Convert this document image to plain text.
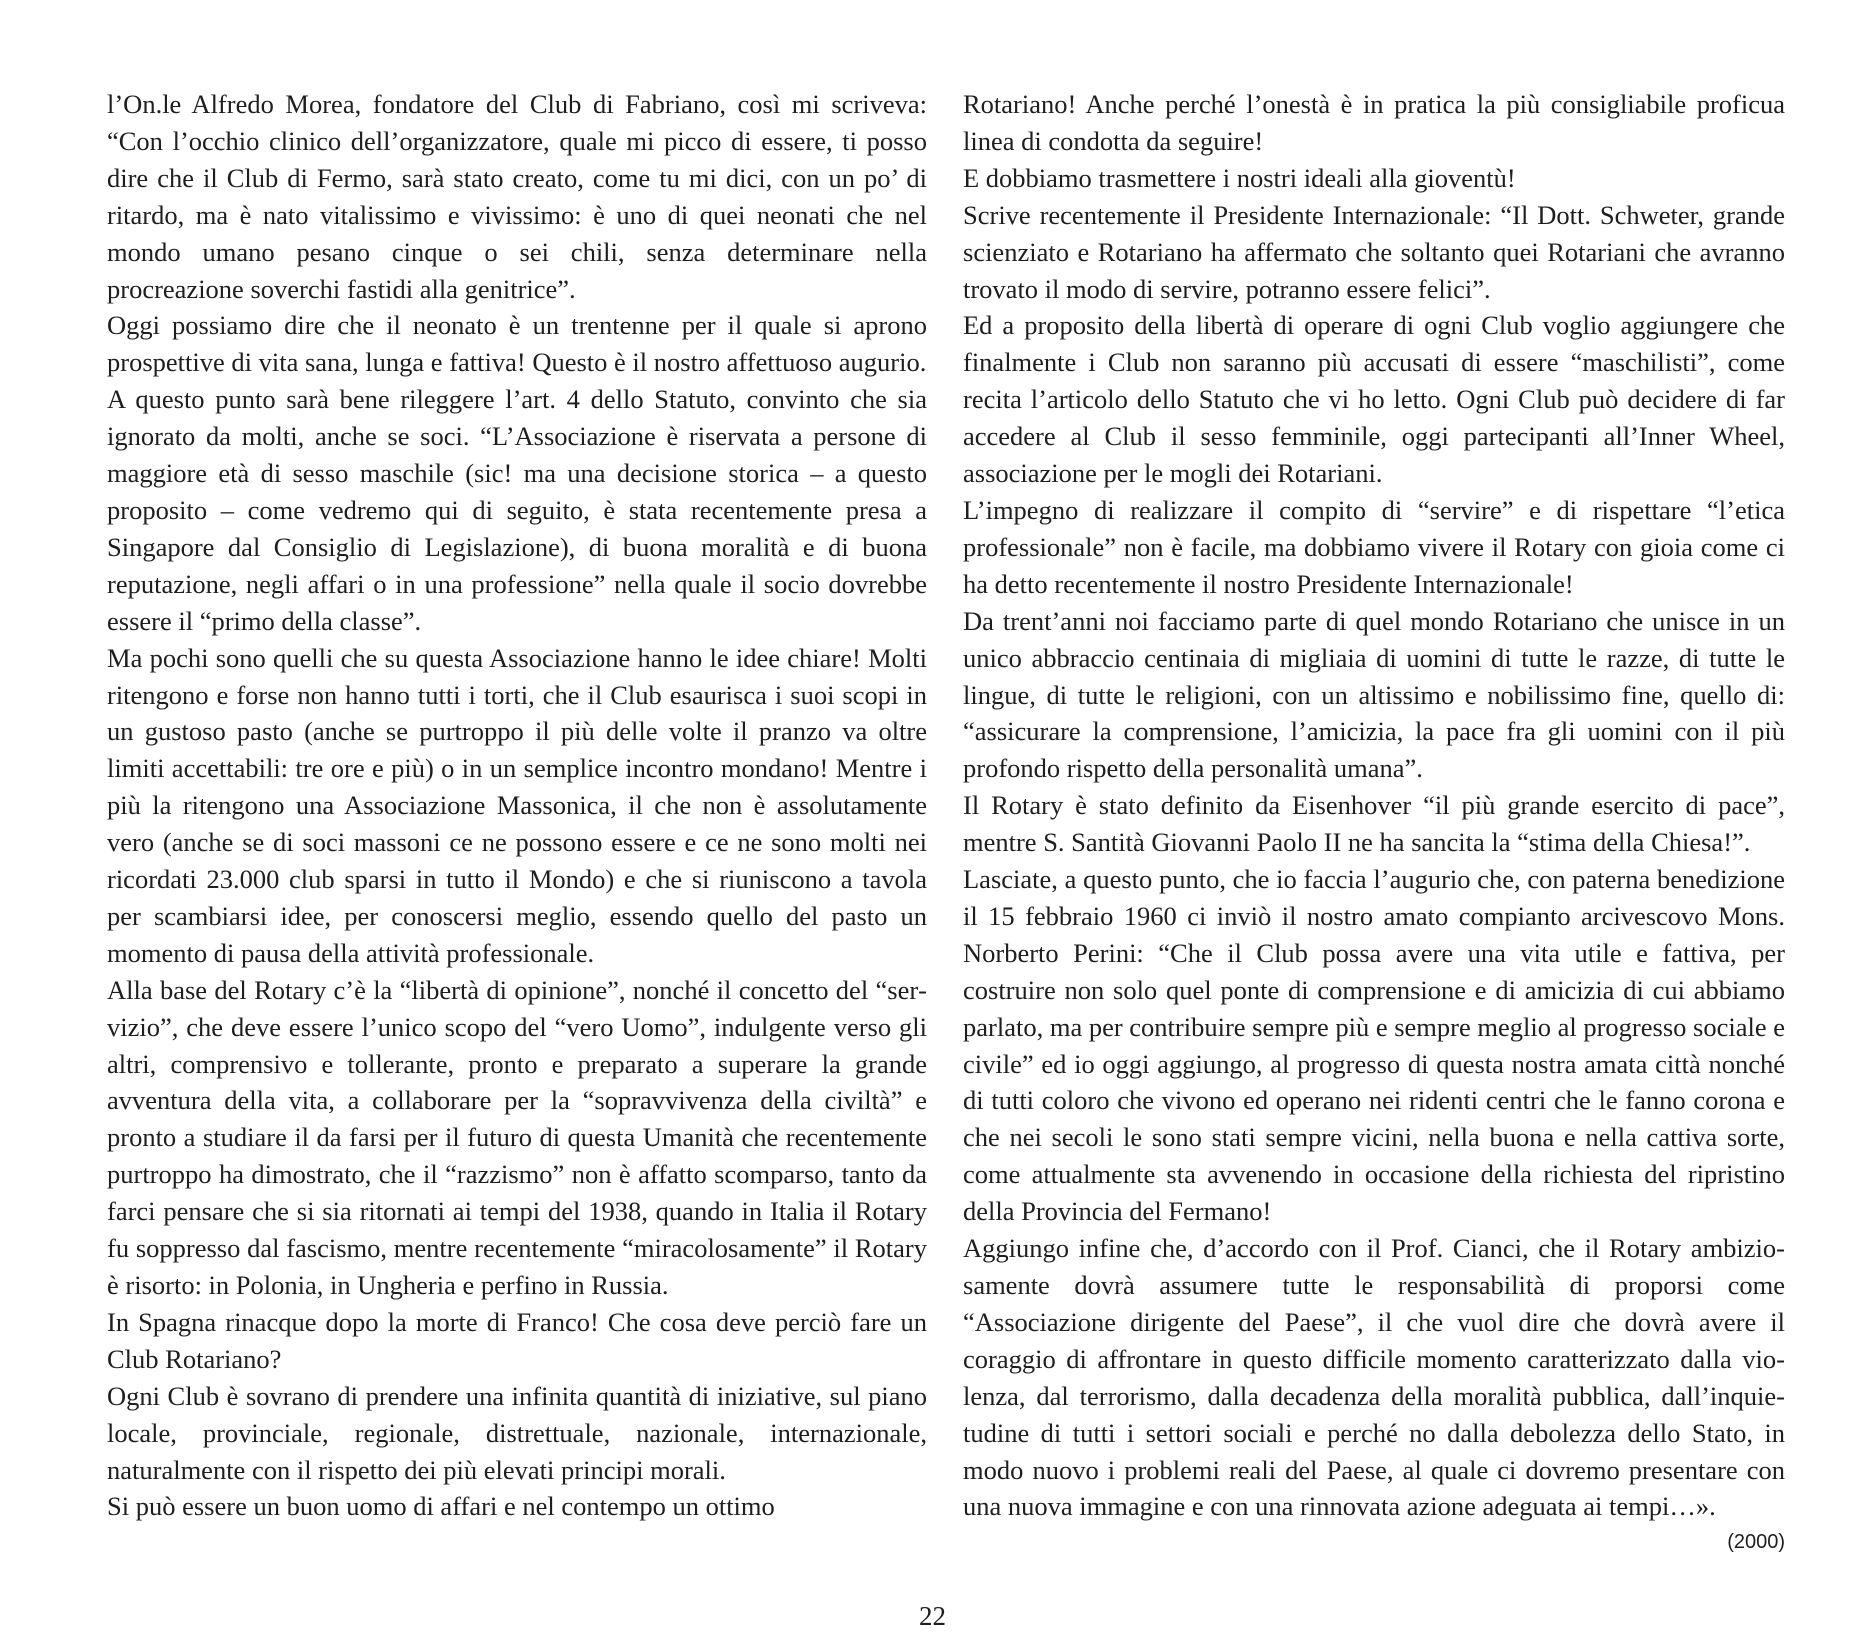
l’On.le Alfredo Morea, fondatore del Club di Fabriano, così mi scriveva: “Con l’occhio clinico dell’organizzatore, quale mi picco di essere, ti posso dire che il Club di Fermo, sarà stato creato, come tu mi dici, con un po’ di ritardo, ma è nato vitalissimo e vivissimo: è uno di quei neonati che nel mondo umano pesano cinque o sei chili, senza determinare nella procreazione soverchi fastidi alla genitrice”.

Oggi possiamo dire che il neonato è un trentenne per il quale si aprono prospettive di vita sana, lunga e fattiva! Questo è il nostro affettuoso augurio.

A questo punto sarà bene rileggere l’art. 4 dello Statuto, convinto che sia ignorato da molti, anche se soci. “L’Associazione è riservata a persone di maggiore età di sesso maschile (sic! ma una decisione storica – a questo proposito – come vedremo qui di seguito, è stata recentemente presa a Singapore dal Consiglio di Legislazione), di buona moralità e di buona reputazione, negli affari o in una professione” nella quale il socio dovrebbe essere il “primo della classe”.

Ma pochi sono quelli che su questa Associazione hanno le idee chiare! Molti ritengono e forse non hanno tutti i torti, che il Club esaurisca i suoi scopi in un gustoso pasto (anche se purtroppo il più delle volte il pranzo va oltre limiti accettabili: tre ore e più) o in un semplice incontro mondano! Mentre i più la ritengono una Associazione Massonica, il che non è assolutamente vero (anche se di soci massoni ce ne possono essere e ce ne sono molti nei ricordati 23.000 club sparsi in tutto il Mondo) e che si riuniscono a tavola per scambiarsi idee, per conoscersi meglio, essendo quello del pasto un momento di pausa della attività professionale.

Alla base del Rotary c’è la “libertà di opinione”, nonché il concetto del “servizio”, che deve essere l’unico scopo del “vero Uomo”, indulgente verso gli altri, comprensivo e tollerante, pronto e preparato a superare la grande avventura della vita, a collaborare per la “sopravvivenza della civiltà” e pronto a studiare il da farsi per il futuro di questa Umanità che recentemente purtroppo ha dimostrato, che il “razzismo” non è affatto scomparso, tanto da farci pensare che si sia ritornati ai tempi del 1938, quando in Italia il Rotary fu soppresso dal fascismo, mentre recentemente “miracolosamente” il Rotary è risorto: in Polonia, in Ungheria e perfino in Russia.

In Spagna rinacque dopo la morte di Franco! Che cosa deve perciò fare un Club Rotariano?

Ogni Club è sovrano di prendere una infinita quantità di iniziative, sul piano locale, provinciale, regionale, distrettuale, nazionale, internazionale, naturalmente con il rispetto dei più elevati principi morali.

Si può essere un buon uomo di affari e nel contempo un ottimo

Rotariano! Anche perché l’onestà è in pratica la più consigliabile proficua linea di condotta da seguire!

E dobbiamo trasmettere i nostri ideali alla gioventù!

Scrive recentemente il Presidente Internazionale: “Il Dott. Schweter, grande scienziato e Rotariano ha affermato che soltanto quei Rotariani che avranno trovato il modo di servire, potranno essere felici”.

Ed a proposito della libertà di operare di ogni Club voglio aggiungere che finalmente i Club non saranno più accusati di essere “maschilisti”, come recita l’articolo dello Statuto che vi ho letto. Ogni Club può decidere di far accedere al Club il sesso femminile, oggi partecipanti all’Inner Wheel, associazione per le mogli dei Rotariani.

L’impegno di realizzare il compito di “servire” e di rispettare “l’etica professionale” non è facile, ma dobbiamo vivere il Rotary con gioia come ci ha detto recentemente il nostro Presidente Internazionale!

Da trent’anni noi facciamo parte di quel mondo Rotariano che unisce in un unico abbraccio centinaia di migliaia di uomini di tutte le razze, di tutte le lingue, di tutte le religioni, con un altissimo e nobilissimo fine, quello di: “assicurare la comprensione, l’amicizia, la pace fra gli uomini con il più profondo rispetto della personalità umana”.

Il Rotary è stato definito da Eisenhover “il più grande esercito di pace”, mentre S. Santità Giovanni Paolo II ne ha sancita la “stima della Chiesa!”.

Lasciate, a questo punto, che io faccia l’augurio che, con paterna benedizione il 15 febbraio 1960 ci inviò il nostro amato compianto arcivescovo Mons. Norberto Perini: “Che il Club possa avere una vita utile e fattiva, per costruire non solo quel ponte di comprensione e di amicizia di cui abbiamo parlato, ma per contribuire sempre più e sempre meglio al progresso sociale e civile” ed io oggi aggiungo, al progresso di questa nostra amata città nonché di tutti coloro che vivono ed operano nei ridenti centri che le fanno corona e che nei secoli le sono stati sempre vicini, nella buona e nella cattiva sorte, come attualmente sta avvenendo in occasione della richiesta del ripristino della Provincia del Fermano!

Aggiungo infine che, d’accordo con il Prof. Cianci, che il Rotary ambiziosamente dovrà assumere tutte le responsabilità di proporsi come “Associazione dirigente del Paese”, il che vuol dire che dovrà avere il coraggio di affrontare in questo difficile momento caratterizzato dalla violenza, dal terrorismo, dalla decadenza della moralità pubblica, dall’inquietudine di tutti i settori sociali e perché no dalla debolezza dello Stato, in modo nuovo i problemi reali del Paese, al quale ci dovremo presentare con una nuova immagine e con una rinnovata azione adeguata ai tempi…».

(2000)
22
